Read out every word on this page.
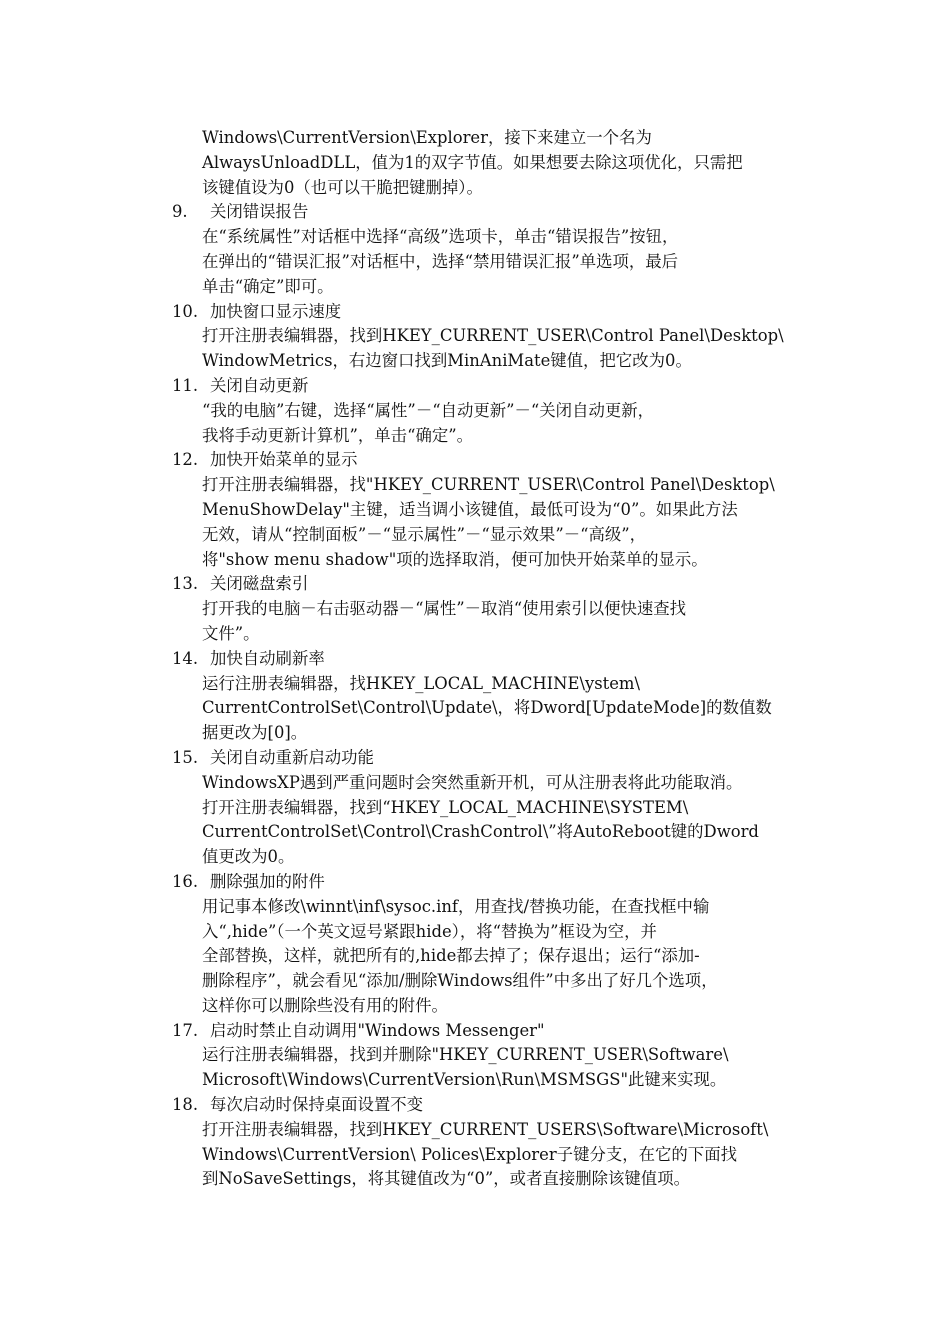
Windows\CurrentVersion\Explorer，接下来建立一个名为
AlwaysUnloadDLL，值为1的双字节值。如果想要去除这项优化，只需把
该键值设为0（也可以干脆把键删掉）。
9. 关闭错误报告
在“系统属性”对话框中选择“高级”选项卡，单击“错误报告”按钮，
在弹出的“错误汇报”对话框中，选择“禁用错误汇报”单选项，最后
单击“确定”即可。
10. 加快窗口显示速度
打开注册表编辑器，找到HKEY_CURRENT_USER\Control Panel\Desktop\
WindowMetrics，右边窗口找到MinAniMate键值，把它改为0。
11. 关闭自动更新
“我的电脑”右键，选择“属性”－“自动更新”－“关闭自动更新，
我将手动更新计算机”，单击“确定”。
12. 加快开始菜单的显示
打开注册表编辑器，找"HKEY_CURRENT_USER\Control Panel\Desktop\
MenuShowDelay"主键，适当调小该键值，最低可设为“0”。如果此方法
无效，请从“控制面板”－“显示属性”－“显示效果”－“高级”，
将"show menu shadow"项的选择取消，便可加快开始菜单的显示。
13. 关闭磁盘索引
打开我的电脑－右击驱动器－“属性”－取消“使用索引以便快速查找
文件”。
14. 加快自动刷新率
运行注册表编辑器，找HKEY_LOCAL_MACHINE\ystem\
CurrentControlSet\Control\Update\，将Dword[UpdateMode]的数值数
据更改为[0]。
15. 关闭自动重新启动功能
WindowsXP遇到严重问题时会突然重新开机，可从注册表将此功能取消。
打开注册表编辑器，找到“HKEY_LOCAL_MACHINE\SYSTEM\
CurrentControlSet\Control\CrashControl\”将AutoReboot键的Dword
值更改为0。
16. 删除强加的附件
用记事本修改\winnt\inf\sysoc.inf，用查找/替换功能，在查找框中输
入“,hide”（一个英文逗号紧跟hide），将“替换为”框设为空，并
全部替换，这样，就把所有的,hide都去掉了；保存退出；运行“添加-
删除程序”，就会看见“添加/删除Windows组件”中多出了好几个选项，
这样你可以删除些没有用的附件。
17. 启动时禁止自动调用"Windows Messenger"
运行注册表编辑器，找到并删除"HKEY_CURRENT_USER\Software\
Microsoft\Windows\CurrentVersion\Run\MSMSGS"此键来实现。
18. 每次启动时保持桌面设置不变
打开注册表编辑器，找到HKEY_CURRENT_USERS\Software\Microsoft\
Windows\CurrentVersion\ Polices\Explorer子键分支，在它的下面找
到NoSaveSettings，将其键值改为“0”，或者直接删除该键值项。
